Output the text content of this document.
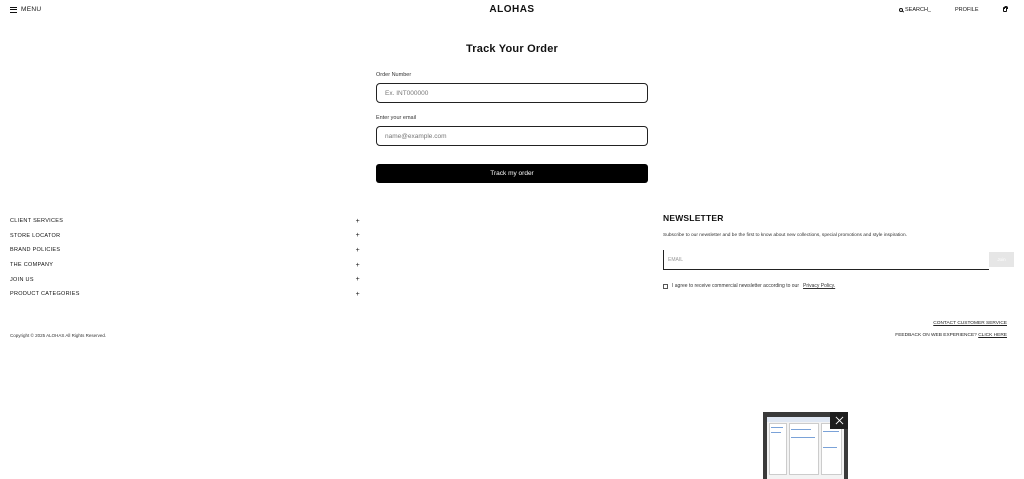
MENU	ALOHAS	SEARCH_	PROFILE
Track Your Order
Order Number
Ex. INT000000
Enter your email
name@example.com
Track my order
CLIENT SERVICES	+
STORE LOCATOR	+
BRAND POLICIES	+
THE COMPANY	+
JOIN US	+
PRODUCT CATEGORIES	+
NEWSLETTER
Subscribe to our newsletter and be the first to know about new collections, special promotions and style inspiration.
EMAIL	Join
I agree to receive commercial newsletter according to our Privacy Policy.
Copyright © 2025 ALOHAS All Rights Reserved.
CONTACT CUSTOMER SERVICE
FEEDBACK ON WEB EXPERIENCE? CLICK HERE
